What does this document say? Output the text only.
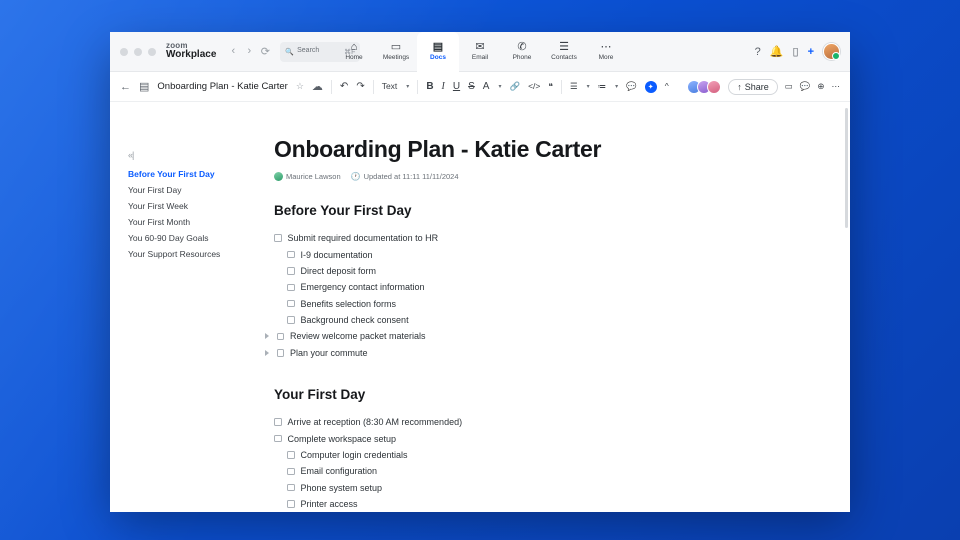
zoom
Workplace	‹	› ⟳	🔍 Search	⌘F
⌂
Home
▭
Meetings
▤
Docs
✉
Email
✆
Phone
☰
Contacts
⋯
More	? 🔔 ▯ +
← ▤ Onboarding Plan - Katie Carter ☆ ☁ ↶ ↷ Text ▾ B I U S A ▾ 🔗 </> ❝ ☰ ▾ ≔ ▾ 💬	✦	^	↑ Share ▭ 💬 ⊕ ⋯
«|
Before Your First Day
Your First Day
Your First Week
Your First Month
You 60-90 Day Goals
Your Support Resources
Onboarding Plan - Katie Carter
Maurice Lawson 🕐 Updated at 11:11 11/11/2024
Before Your First Day
Submit required documentation to HR
I-9 documentation
Direct deposit form
Emergency contact information
Benefits selection forms
Background check consent
Review welcome packet materials
Plan your commute
Your First Day
Arrive at reception (8:30 AM recommended)
Complete workspace setup
Computer login credentials
Email configuration
Phone system setup
Printer access
